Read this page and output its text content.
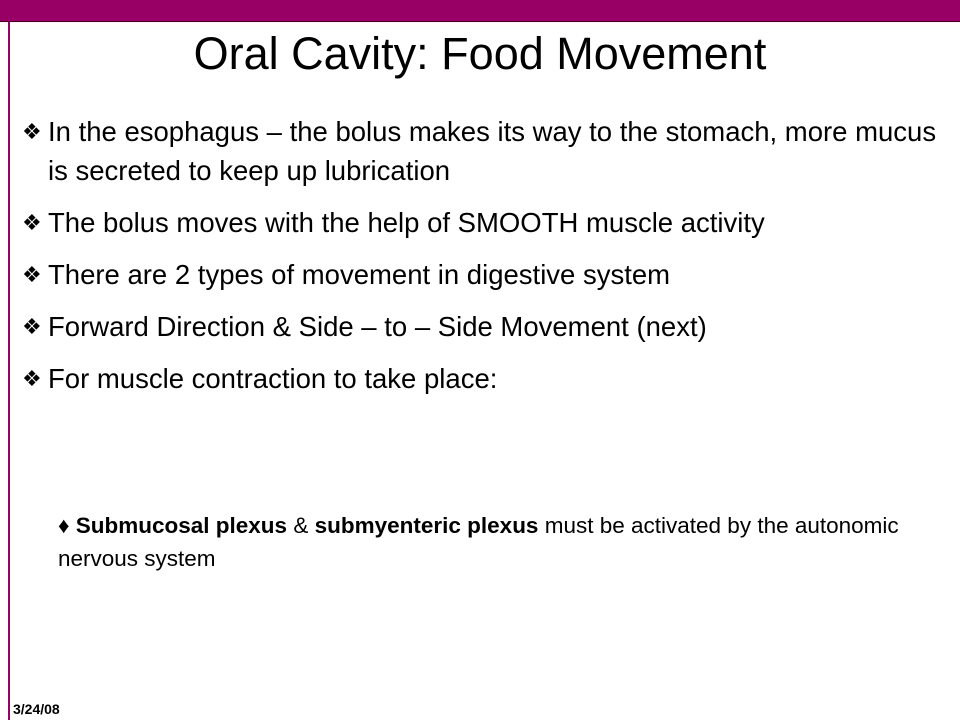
Oral Cavity: Food Movement
❖ In the esophagus – the bolus makes its way to the stomach, more mucus is secreted to keep up lubrication
❖ The bolus moves with the help of SMOOTH muscle activity
❖ There are 2 types of movement in digestive system
❖ Forward Direction & Side – to – Side Movement (next)
❖ For muscle contraction to take place:
♦ Submucosal plexus & submyenteric plexus must be activated by the autonomic nervous system
3/24/08
